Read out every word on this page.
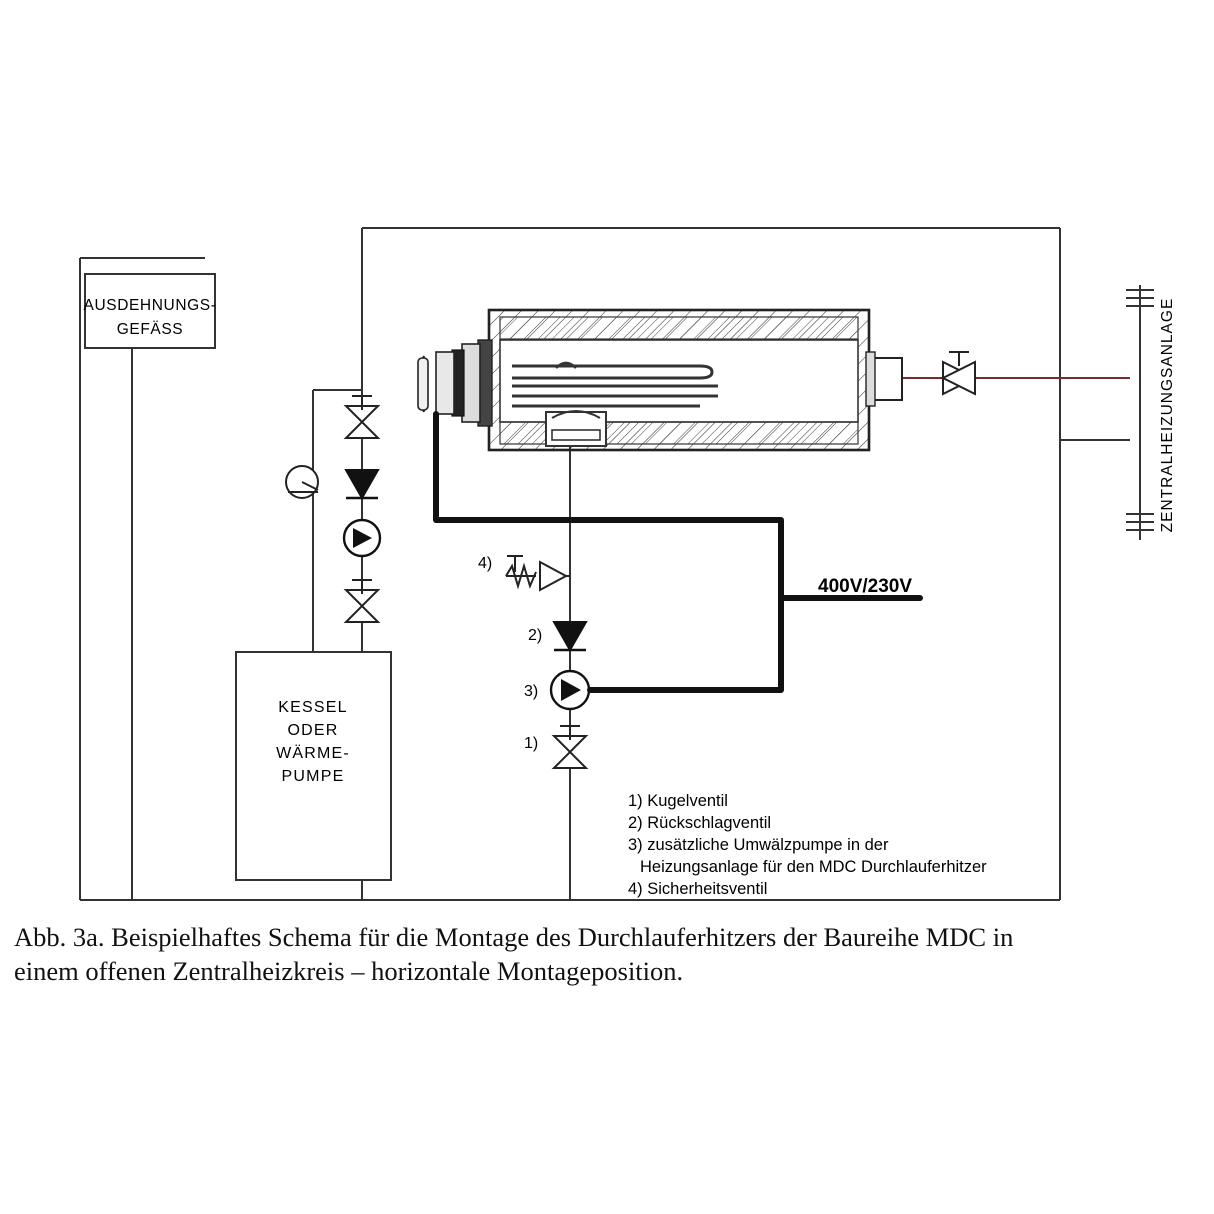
AUSDEHNUNGS-
GEFÄSS
KESSEL
ODER
WÄRME-
PUMPE
ZENTRALHEIZUNGSANLAGE
4)
2)
3)
1)
400V/230V
1) Kugelventil
2) Rückschlagventil
3) zusätzliche Umwälzpumpe in der
Heizungsanlage für den MDC Durchlauferhitzer
4) Sicherheitsventil
Abb. 3a. Beispielhaftes Schema für die Montage des Durchlauferhitzers der Baureihe MDC in
einem offenen Zentralheizkreis – horizontale Montageposition.
